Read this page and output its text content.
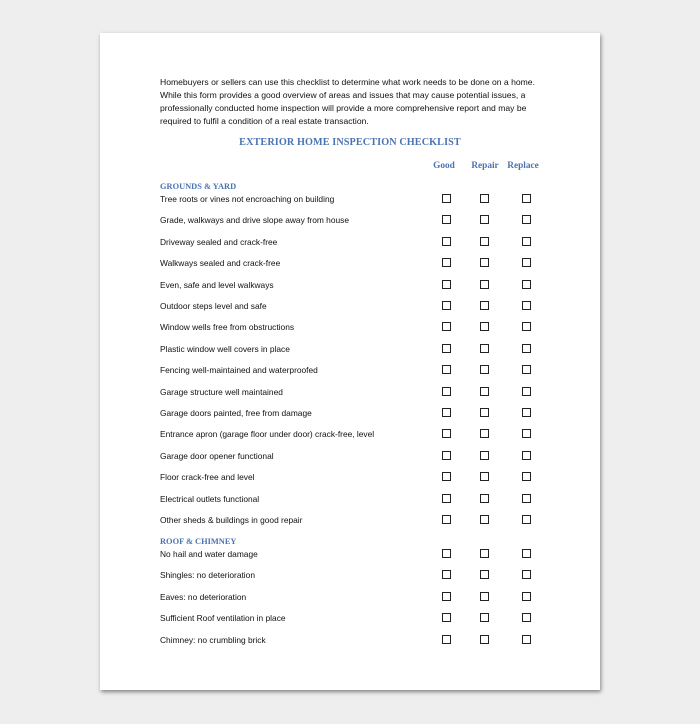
Homebuyers or sellers can use this checklist to determine what work needs to be done on a home. While this form provides a good overview of areas and issues that may cause potential issues, a professionally conducted home inspection will provide a more comprehensive report and may be required to fulfil a condition of a real estate transaction.
EXTERIOR HOME INSPECTION CHECKLIST
Good	Repair Replace
GROUNDS & YARD
Tree roots or vines not encroaching on building
Grade, walkways and drive slope away from house
Driveway sealed and crack-free
Walkways sealed and crack-free
Even, safe and level walkways
Outdoor steps level and safe
Window wells free from obstructions
Plastic window well covers in place
Fencing well-maintained and waterproofed
Garage structure well maintained
Garage doors painted, free from damage
Entrance apron (garage floor under door) crack-free, level
Garage door opener functional
Floor crack-free and level
Electrical outlets functional
Other sheds & buildings in good repair
ROOF & CHIMNEY
No hail and water damage
Shingles: no deterioration
Eaves: no deterioration
Sufficient Roof ventilation in place
Chimney: no crumbling brick
